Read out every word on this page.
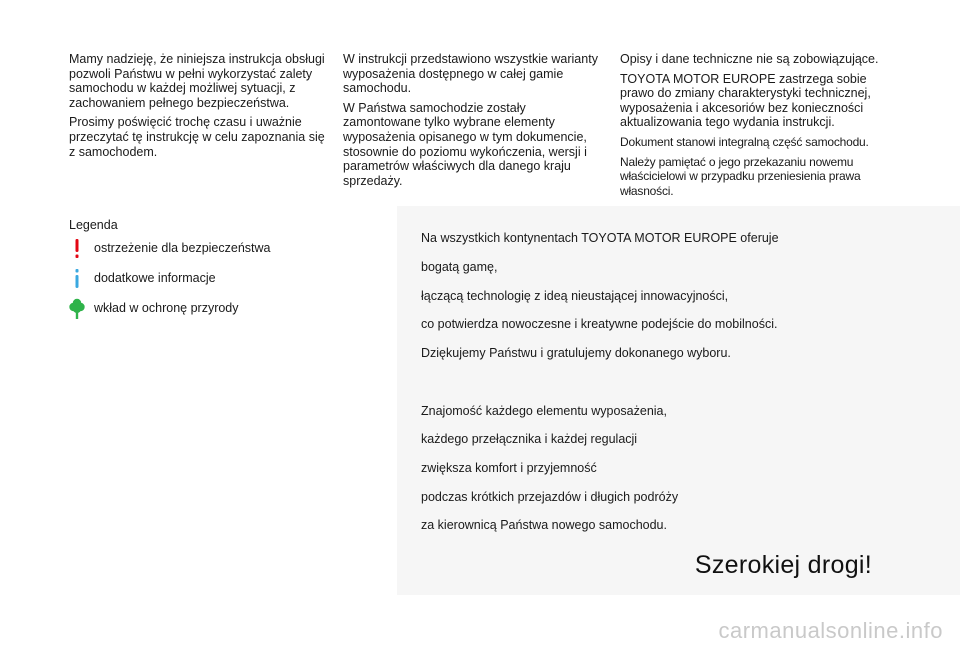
Mamy nadzieję, że niniejsza instrukcja obsługi pozwoli Państwu w pełni wykorzystać zalety samochodu w każdej możliwej sytuacji, z zachowaniem pełnego bezpieczeństwa.

Prosimy poświęcić trochę czasu i uważnie przeczytać tę instrukcję w celu zapoznania się z samochodem.

W instrukcji przedstawiono wszystkie warianty wyposażenia dostępnego w całej gamie samochodu.

W Państwa samochodzie zostały zamontowane tylko wybrane elementy wyposażenia opisanego w tym dokumencie, stosownie do poziomu wykończenia, wersji i parametrów właściwych dla danego kraju sprzedaży.

Opisy i dane techniczne nie są zobowiązujące.

TOYOTA MOTOR EUROPE zastrzega sobie prawo do zmiany charakterystyki technicznej, wyposażenia i akcesoriów bez konieczności aktualizowania tego wydania instrukcji.

Dokument stanowi integralną część samochodu.

Należy pamiętać o jego przekazaniu nowemu właścicielowi w przypadku przeniesienia prawa własności.

Legenda

ostrzeżenie dla bezpieczeństwa
dodatkowe informacje
wkład w ochronę przyrody
Na wszystkich kontynentach TOYOTA MOTOR EUROPE oferuje
bogatą gamę,
łączącą technologię z ideą nieustającej innowacyjności,
co potwierdza nowoczesne i kreatywne podejście do mobilności.
Dziękujemy Państwu i gratulujemy dokonanego wyboru.
Znajomość każdego elementu wyposażenia,
każdego przełącznika i każdej regulacji
zwiększa komfort i przyjemność
podczas krótkich przejazdów i długich podróży
za kierownicą Państwa nowego samochodu.
Szerokiej drogi!
carmanualsonline.info
